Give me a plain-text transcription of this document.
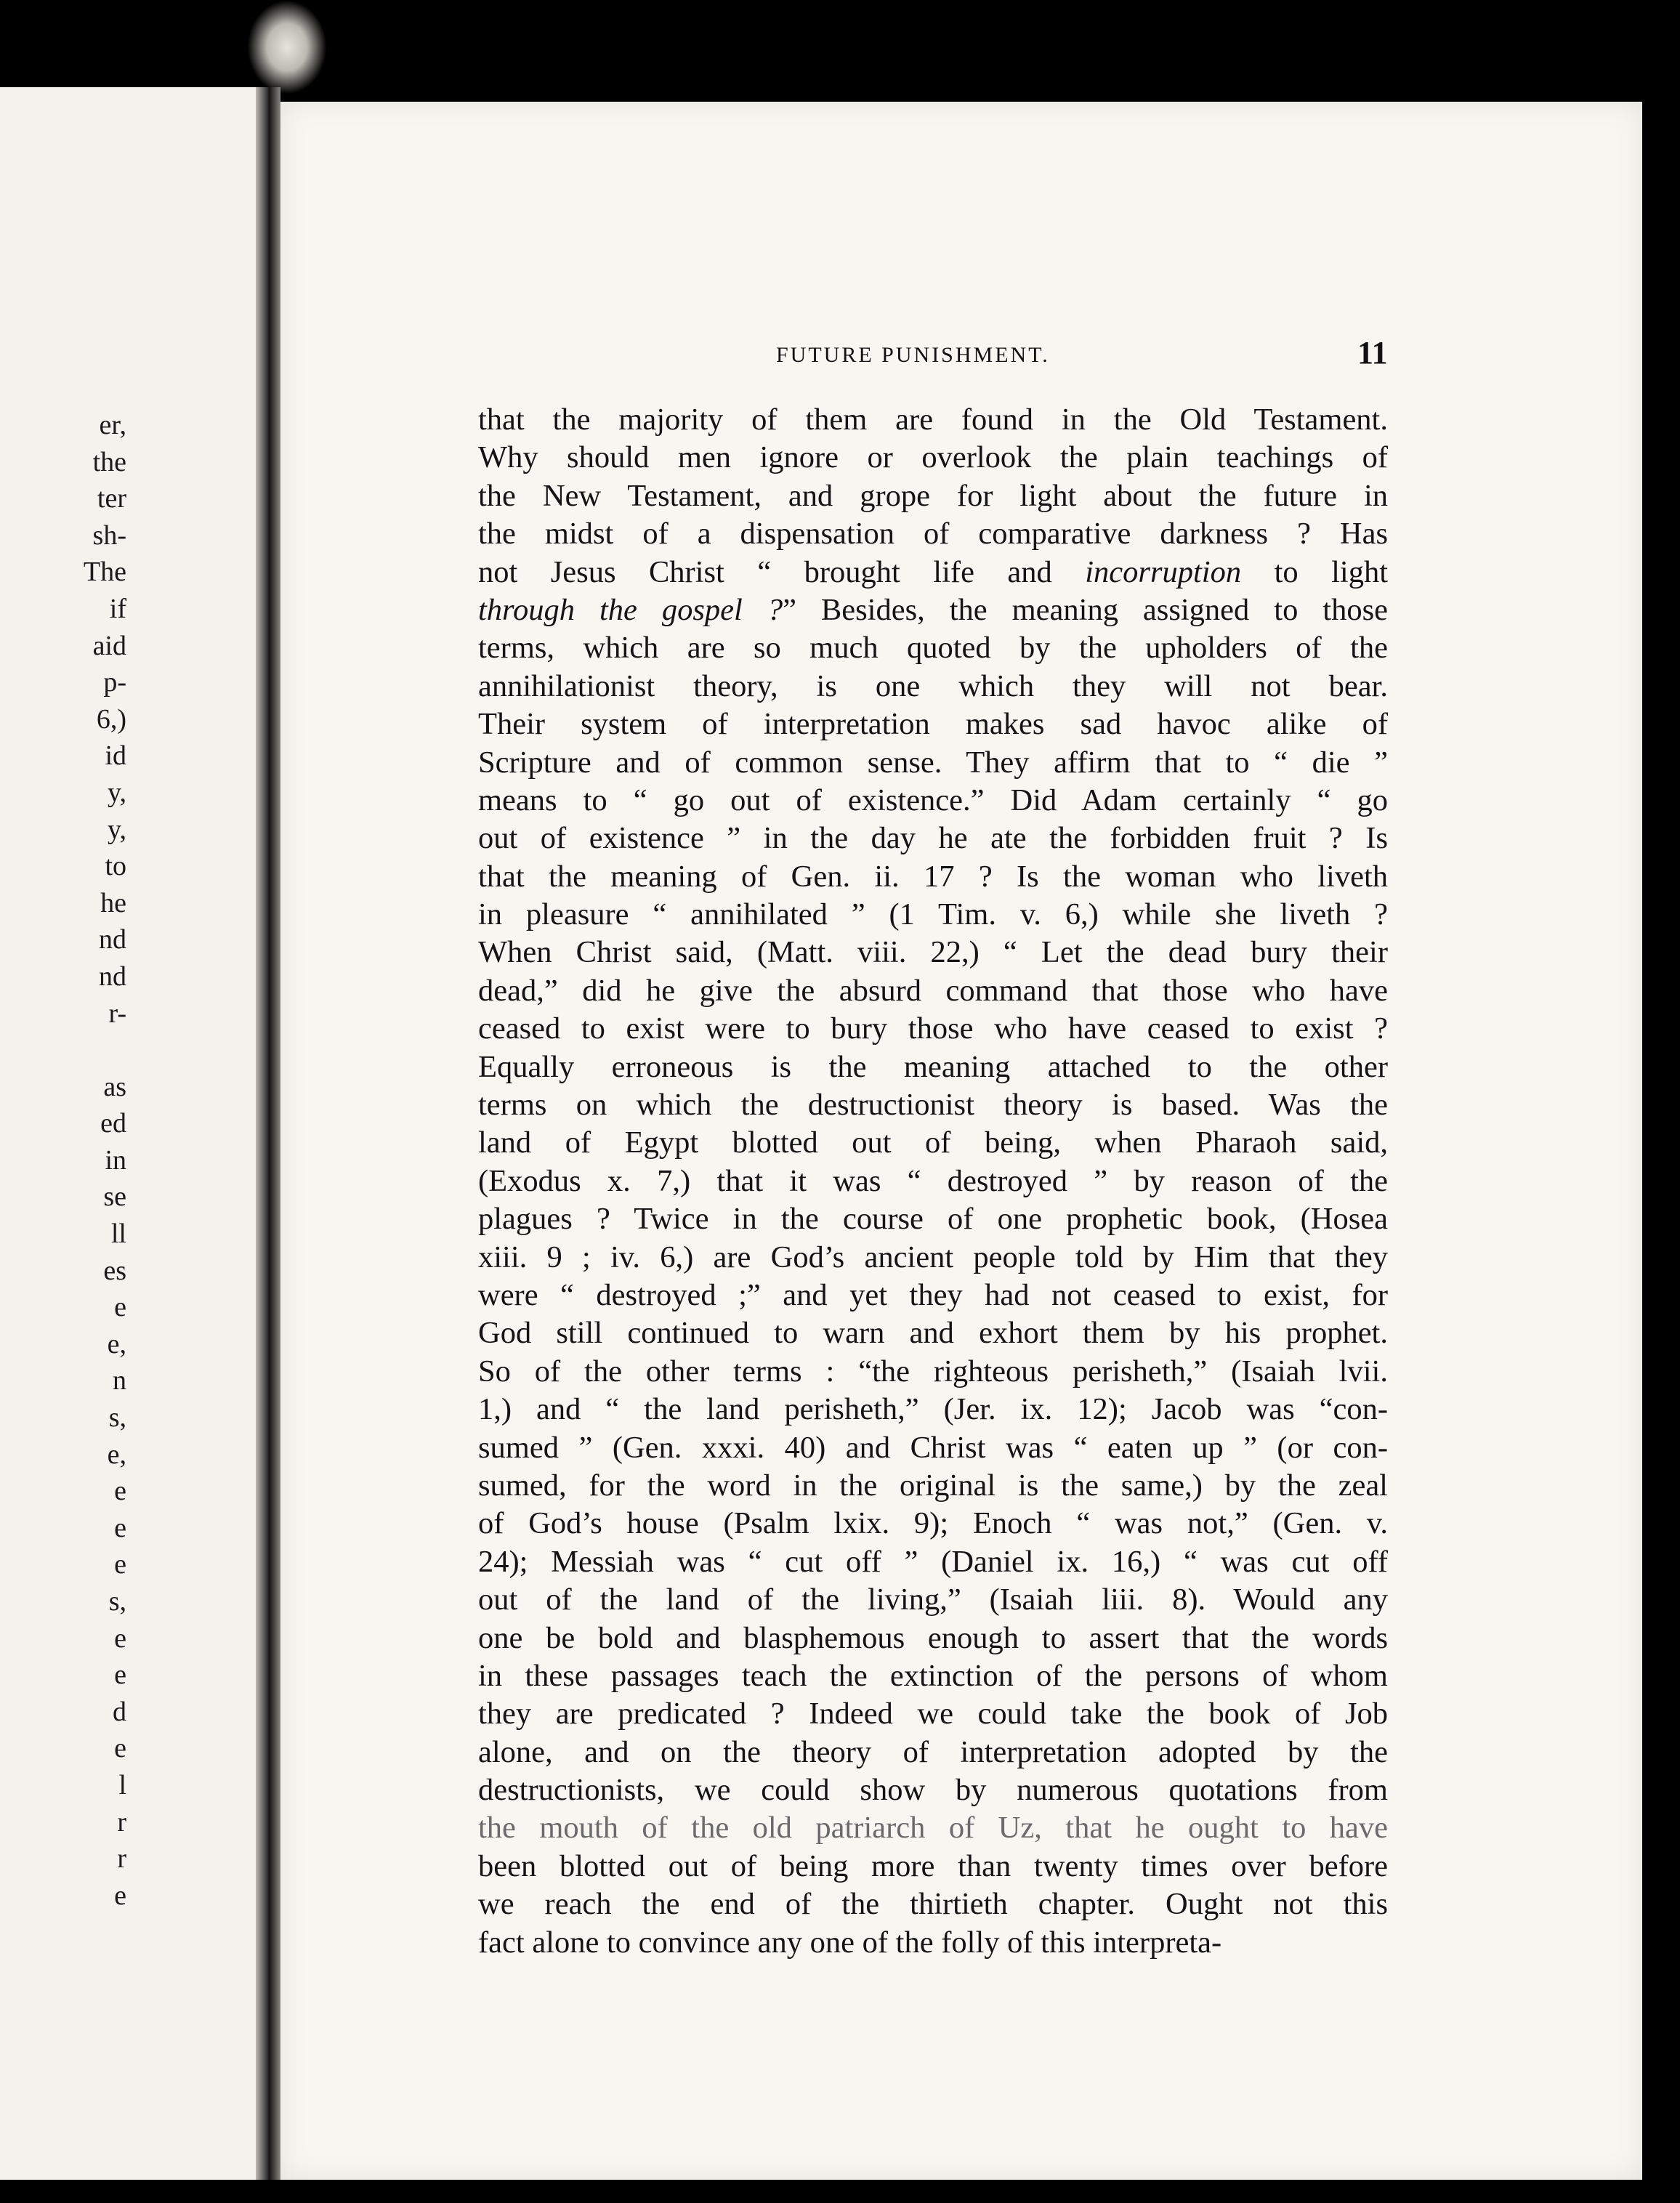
er,
the
ter
sh-
The
if
aid
p-
6,)
id
y,
y,
to
he
nd
nd
r-

as
ed
in
se
ll
es
e
e,
n
s,
e,
e
e
e
s,
e
e
d
e
l
r
r
e
FUTURE PUNISHMENT.	11
that the majority of them are found in the Old Testament.
Why should men ignore or overlook the plain teachings of
the New Testament, and grope for light about the future in
the midst of a dispensation of comparative darkness ? Has
not Jesus Christ “ brought life and incorruption to light
through the gospel ?” Besides, the meaning assigned to those
terms, which are so much quoted by the upholders of the
annihilationist theory, is one which they will not bear.
Their system of interpretation makes sad havoc alike of
Scripture and of common sense. They affirm that to “ die ”
means to “ go out of existence.” Did Adam certainly “ go
out of existence ” in the day he ate the forbidden fruit ? Is
that the meaning of Gen. ii. 17 ? Is the woman who liveth
in pleasure “ annihilated ” (1 Tim. v. 6,) while she liveth ?
When Christ said, (Matt. viii. 22,) “ Let the dead bury their
dead,” did he give the absurd command that those who have
ceased to exist were to bury those who have ceased to exist ?
Equally erroneous is the meaning attached to the other
terms on which the destructionist theory is based. Was the
land of Egypt blotted out of being, when Pharaoh said,
(Exodus x. 7,) that it was “ destroyed ” by reason of the
plagues ? Twice in the course of one prophetic book, (Hosea
xiii. 9 ; iv. 6,) are God’s ancient people told by Him that they
were “ destroyed ;” and yet they had not ceased to exist, for
God still continued to warn and exhort them by his prophet.
So of the other terms : “the righteous perisheth,” (Isaiah lvii.
1,) and “ the land perisheth,” (Jer. ix. 12); Jacob was “con-
sumed ” (Gen. xxxi. 40) and Christ was “ eaten up ” (or con-
sumed, for the word in the original is the same,) by the zeal
of God’s house (Psalm lxix. 9); Enoch “ was not,” (Gen. v.
24); Messiah was “ cut off ” (Daniel ix. 16,) “ was cut off
out of the land of the living,” (Isaiah liii. 8). Would any
one be bold and blasphemous enough to assert that the words
in these passages teach the extinction of the persons of whom
they are predicated ? Indeed we could take the book of Job
alone, and on the theory of interpretation adopted by the
destructionists, we could show by numerous quotations from
the mouth of the old patriarch of Uz, that he ought to have
been blotted out of being more than twenty times over before
we reach the end of the thirtieth chapter. Ought not this
fact alone to convince any one of the folly of this interpreta-
